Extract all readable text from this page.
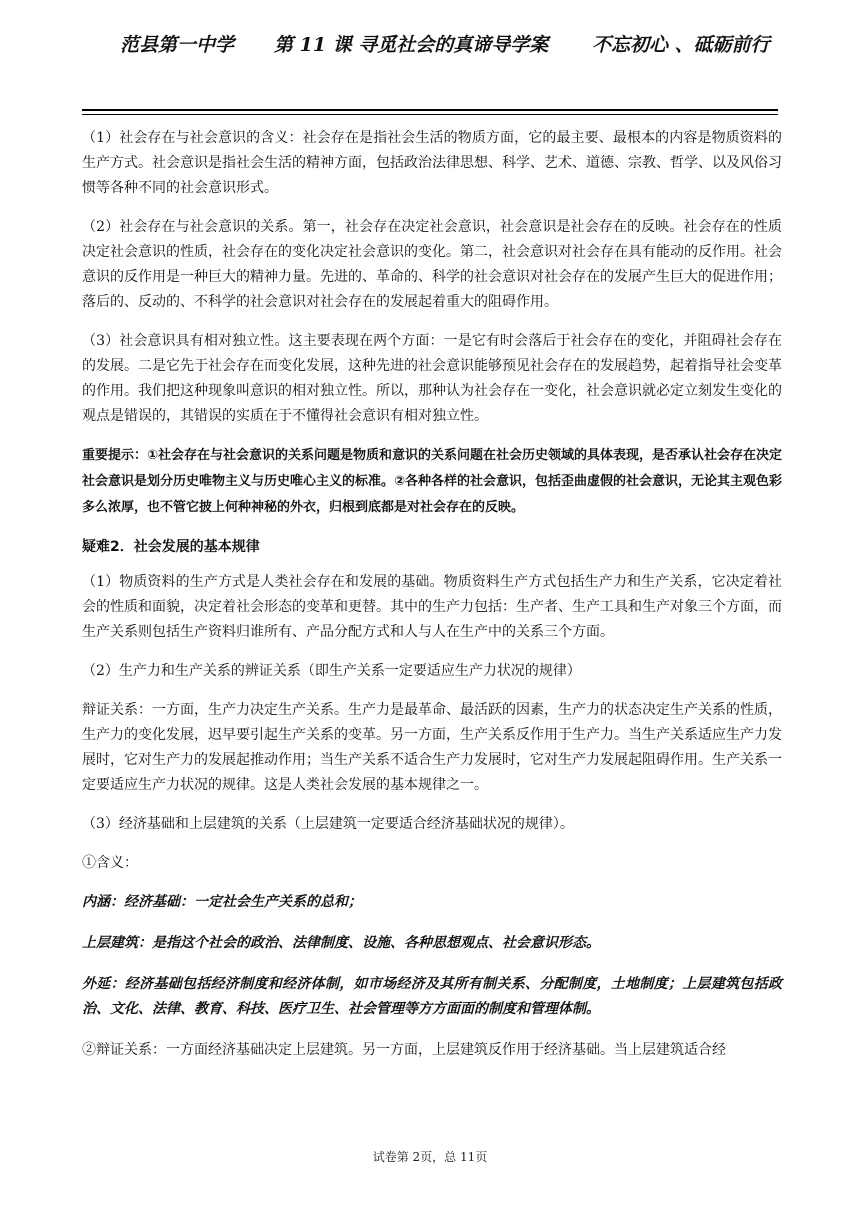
范县第一中学 第 11 课 寻觅社会的真谛导学案 不忘初心 、砥砺前行

（1）社会存在与社会意识的含义：社会存在是指社会生活的物质方面，它的最主要、最根本的内容是物质资料的生产方式。社会意识是指社会生活的精神方面，包括政治法律思想、科学、艺术、道德、宗教、哲学、以及风俗习惯等各种不同的社会意识形式。

（2）社会存在与社会意识的关系。第一，社会存在决定社会意识，社会意识是社会存在的反映。社会存在的性质决定社会意识的性质，社会存在的变化决定社会意识的变化。第二，社会意识对社会存在具有能动的反作用。社会意识的反作用是一种巨大的精神力量。先进的、革命的、科学的社会意识对社会存在的发展产生巨大的促进作用；落后的、反动的、不科学的社会意识对社会存在的发展起着重大的阻碍作用。

（3）社会意识具有相对独立性。这主要表现在两个方面：一是它有时会落后于社会存在的变化，并阻碍社会存在的发展。二是它先于社会存在而变化发展，这种先进的社会意识能够预见社会存在的发展趋势，起着指导社会变革的作用。我们把这种现象叫意识的相对独立性。所以，那种认为社会存在一变化，社会意识就必定立刻发生变化的观点是错误的，其错误的实质在于不懂得社会意识有相对独立性。

重要提示：①社会存在与社会意识的关系问题是物质和意识的关系问题在社会历史领域的具体表现，是否承认社会存在决定社会意识是划分历史唯物主义与历史唯心主义的标准。②各种各样的社会意识，包括歪曲虚假的社会意识，无论其主观色彩多么浓厚，也不管它披上何种神秘的外衣，归根到底都是对社会存在的反映。

疑难2．社会发展的基本规律

（1）物质资料的生产方式是人类社会存在和发展的基础。物质资料生产方式包括生产力和生产关系，它决定着社会的性质和面貌，决定着社会形态的变革和更替。其中的生产力包括：生产者、生产工具和生产对象三个方面，而生产关系则包括生产资料归谁所有、产品分配方式和人与人在生产中的关系三个方面。

（2）生产力和生产关系的辨证关系（即生产关系一定要适应生产力状况的规律）

辩证关系：一方面，生产力决定生产关系。生产力是最革命、最活跃的因素，生产力的状态决定生产关系的性质，生产力的变化发展，迟早要引起生产关系的变革。另一方面，生产关系反作用于生产力。当生产关系适应生产力发展时，它对生产力的发展起推动作用；当生产关系不适合生产力发展时，它对生产力发展起阻碍作用。生产关系一定要适应生产力状况的规律。这是人类社会发展的基本规律之一。

（3）经济基础和上层建筑的关系（上层建筑一定要适合经济基础状况的规律）。

①含义：

内涵：经济基础：一定社会生产关系的总和；

上层建筑：是指这个社会的政治、法律制度、设施、各种思想观点、社会意识形态。

外延：经济基础包括经济制度和经济体制，如市场经济及其所有制关系、分配制度，土地制度；上层建筑包括政治、文化、法律、教育、科技、医疗卫生、社会管理等方方面面的制度和管理体制。

②辩证关系：一方面经济基础决定上层建筑。另一方面，上层建筑反作用于经济基础。当上层建筑适合经

试卷第 2页，总 11页
